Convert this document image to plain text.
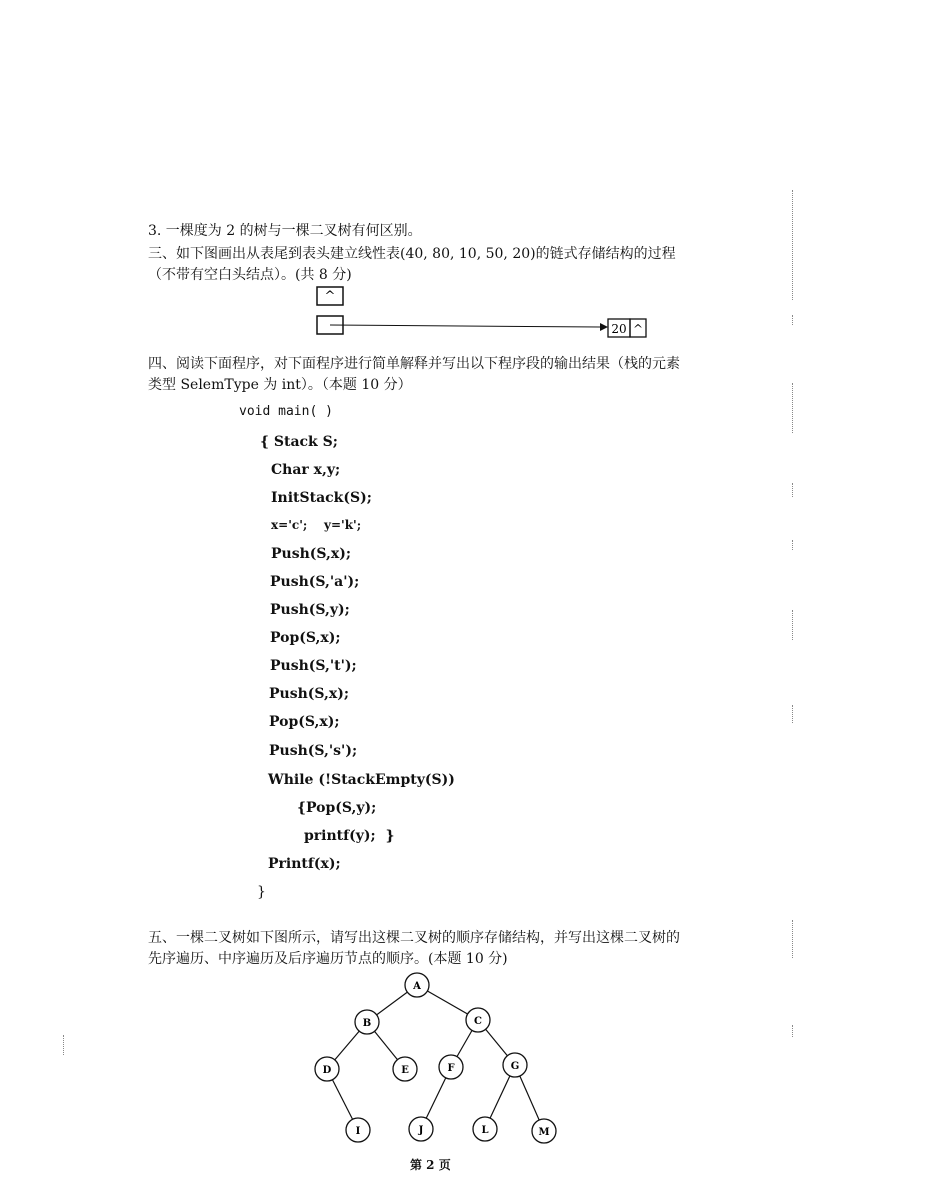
3. 一棵度为 2 的树与一棵二叉树有何区别。
三、如下图画出从表尾到表头建立线性表(40, 80, 10, 50, 20)的链式存储结构的过程
（不带有空白头结点）。(共 8 分)
^
20 ^
四、阅读下面程序，对下面程序进行简单解释并写出以下程序段的输出结果（栈的元素
类型 SelemType 为 int）。（本题 10 分）
void main( )
{ Stack S;
Char x,y;
InitStack(S);
x='c';    y='k';
Push(S,x);
Push(S,'a');
Push(S,y);
Pop(S,x);
Push(S,'t');
Push(S,x);
Pop(S,x);
Push(S,'s');
While (!StackEmpty(S))
{Pop(S,y);
printf(y);  }
Printf(x);
}
五、一棵二叉树如下图所示，请写出这棵二叉树的顺序存储结构，并写出这棵二叉树的
先序遍历、中序遍历及后序遍历节点的顺序。(本题 10 分)
A
B	C
D	E	F	G
I	J	L	M
第 2 页
